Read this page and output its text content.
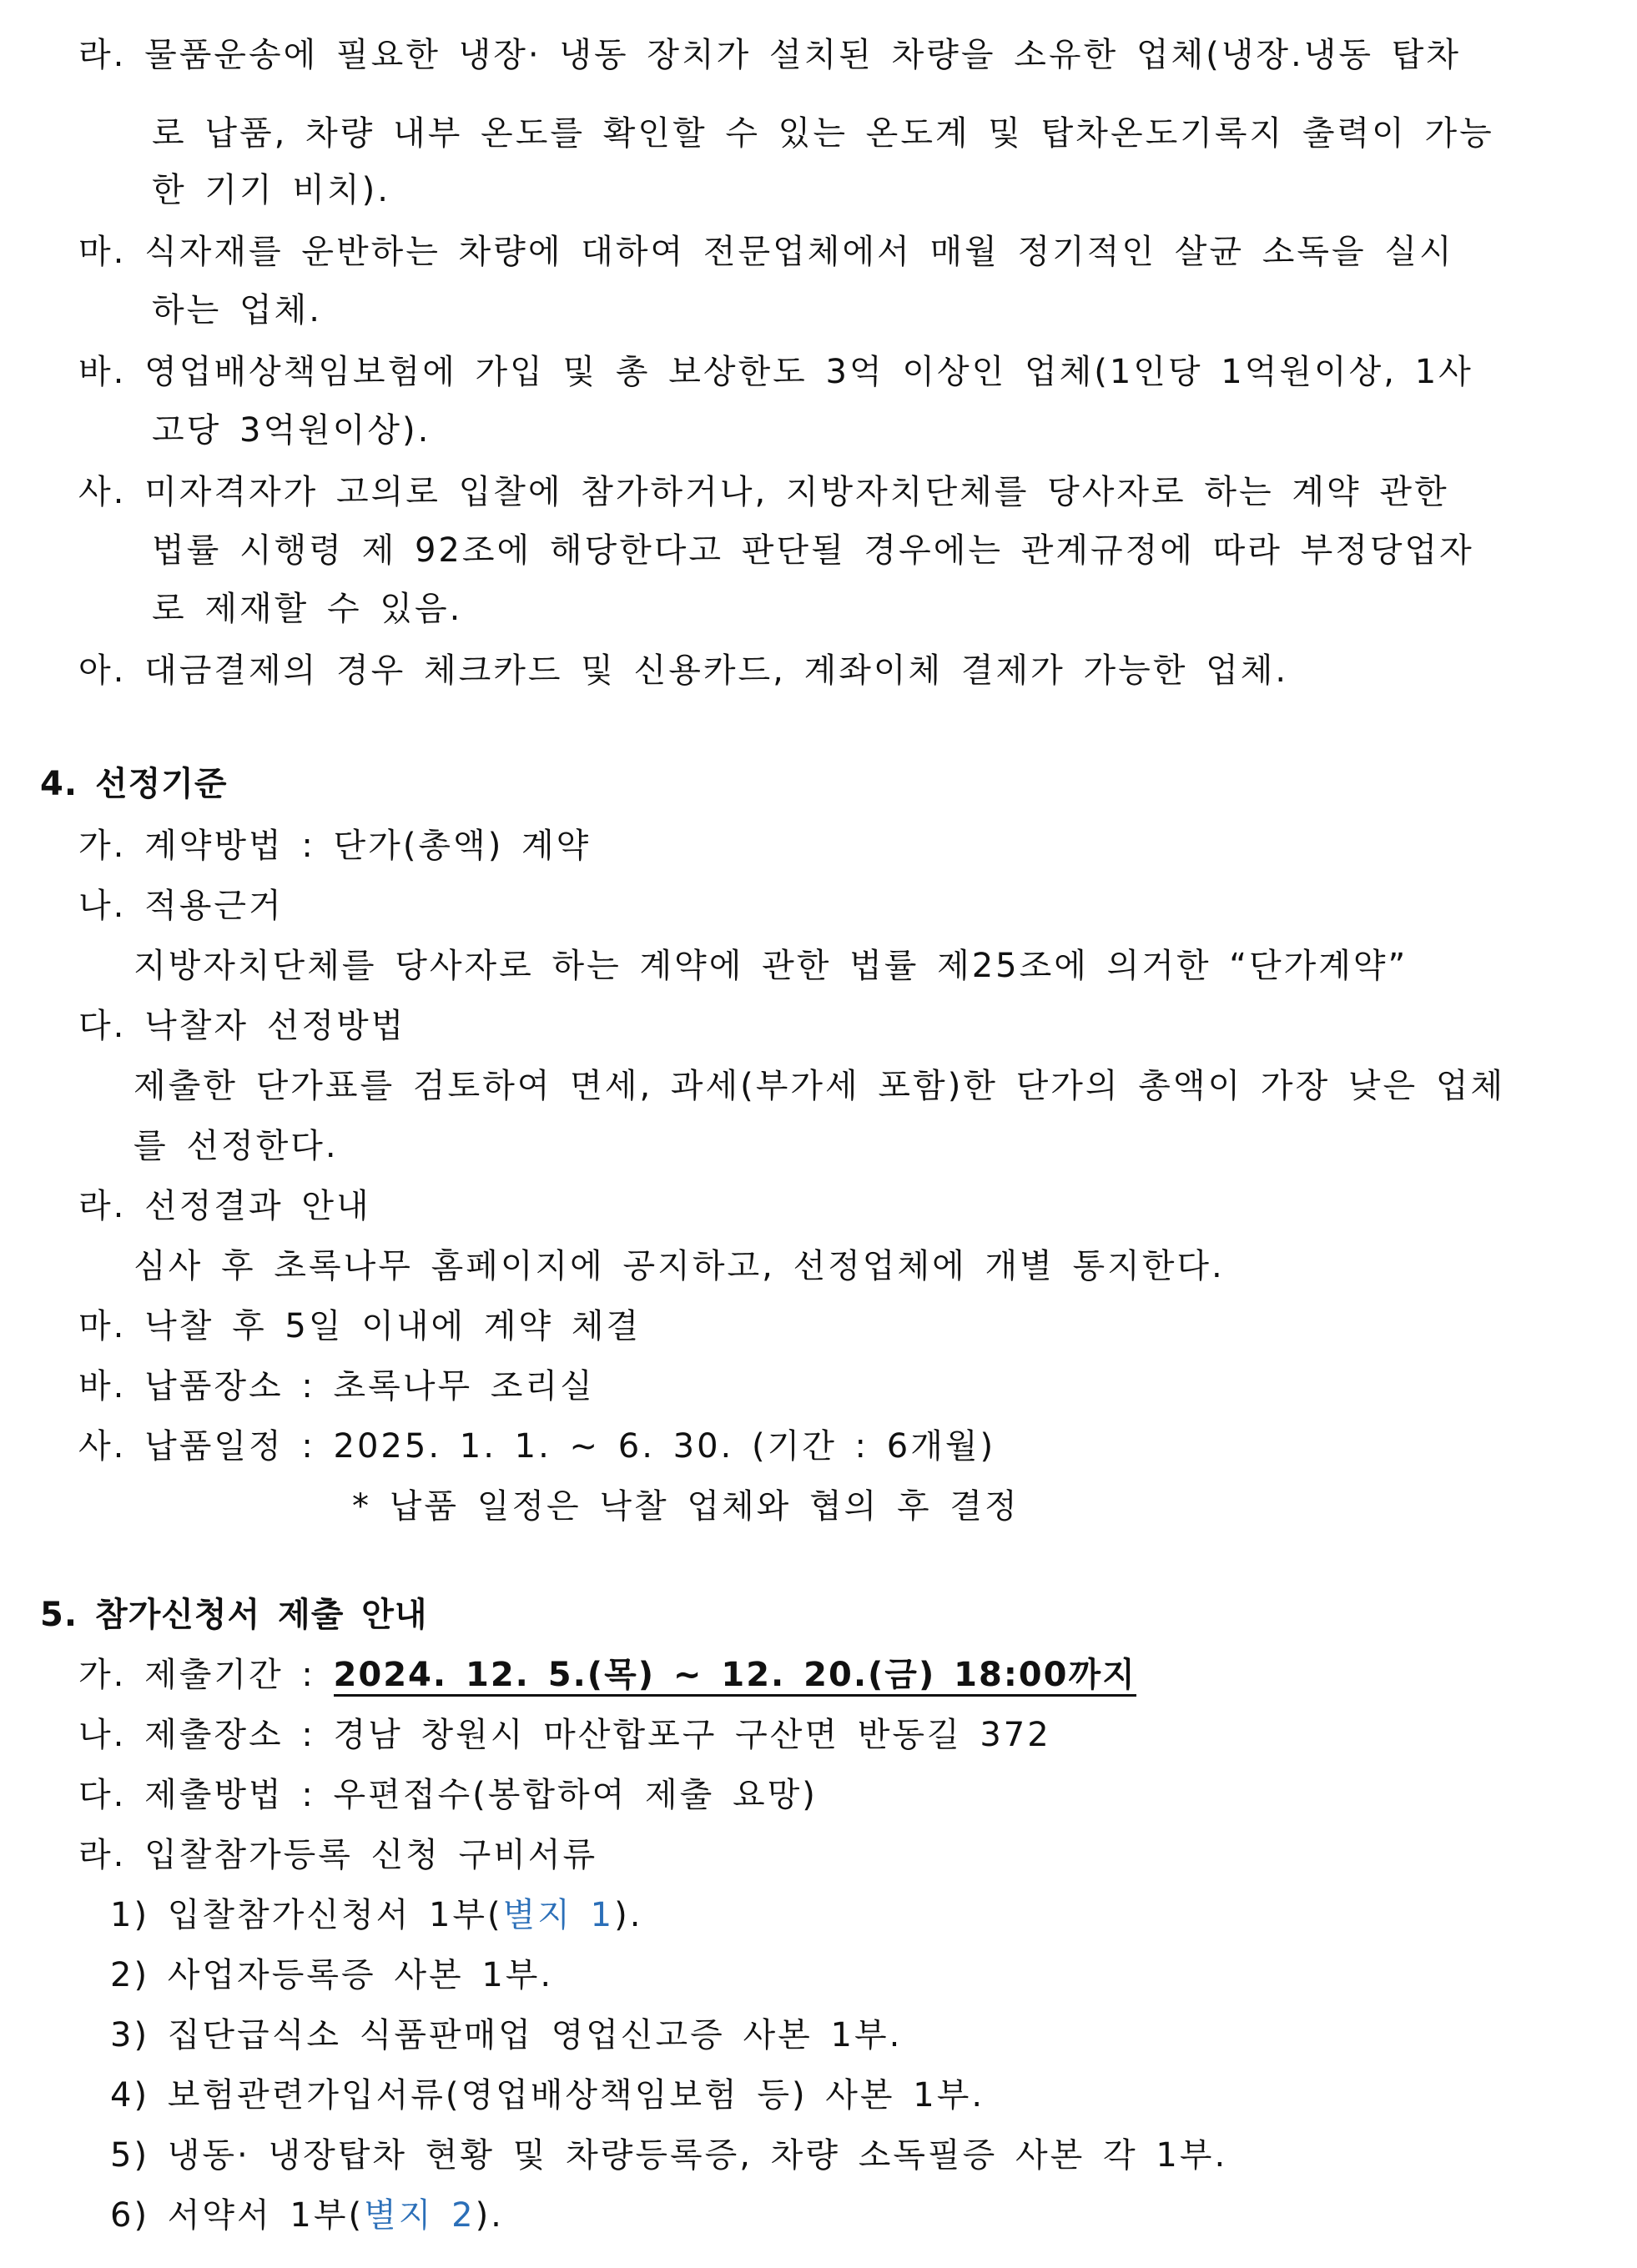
라. 물품운송에 필요한 냉장· 냉동 장치가 설치된 차량을 소유한 업체(냉장.냉동 탑차
로 납품, 차량 내부 온도를 확인할 수 있는 온도계 및 탑차온도기록지 출력이 가능
한 기기 비치).
마. 식자재를 운반하는 차량에 대하여 전문업체에서 매월 정기적인 살균 소독을 실시
하는 업체.
바. 영업배상책임보험에 가입 및 총 보상한도 3억 이상인 업체(1인당 1억원이상, 1사
고당 3억원이상).
사. 미자격자가 고의로 입찰에 참가하거나, 지방자치단체를 당사자로 하는 계약 관한
법률 시행령 제 92조에 해당한다고 판단될 경우에는 관계규정에 따라 부정당업자
로 제재할 수 있음.
아. 대금결제의 경우 체크카드 및 신용카드, 계좌이체 결제가 가능한 업체.
4. 선정기준
가. 계약방법 : 단가(총액) 계약
나. 적용근거
지방자치단체를 당사자로 하는 계약에 관한 법률 제25조에 의거한 “단가계약”
다. 낙찰자 선정방법
제출한 단가표를 검토하여 면세, 과세(부가세 포함)한 단가의 총액이 가장 낮은 업체
를 선정한다.
라. 선정결과 안내
심사 후 초록나무 홈페이지에 공지하고, 선정업체에 개별 통지한다.
마. 낙찰 후 5일 이내에 계약 체결
바. 납품장소 : 초록나무 조리실
사. 납품일정 : 2025. 1. 1. ~ 6. 30. (기간 : 6개월)
* 납품 일정은 낙찰 업체와 협의 후 결정
5. 참가신청서 제출 안내
가. 제출기간 : 2024. 12. 5.(목) ~ 12. 20.(금) 18:00까지
나. 제출장소 : 경남 창원시 마산합포구 구산면 반동길 372
다. 제출방법 : 우편접수(봉합하여 제출 요망)
라. 입찰참가등록 신청 구비서류
1) 입찰참가신청서 1부(별지 1).
2) 사업자등록증 사본 1부.
3) 집단급식소 식품판매업 영업신고증 사본 1부.
4) 보험관련가입서류(영업배상책임보험 등) 사본 1부.
5) 냉동· 냉장탑차 현황 및 차량등록증, 차량 소독필증 사본 각 1부.
6) 서약서 1부(별지 2).
